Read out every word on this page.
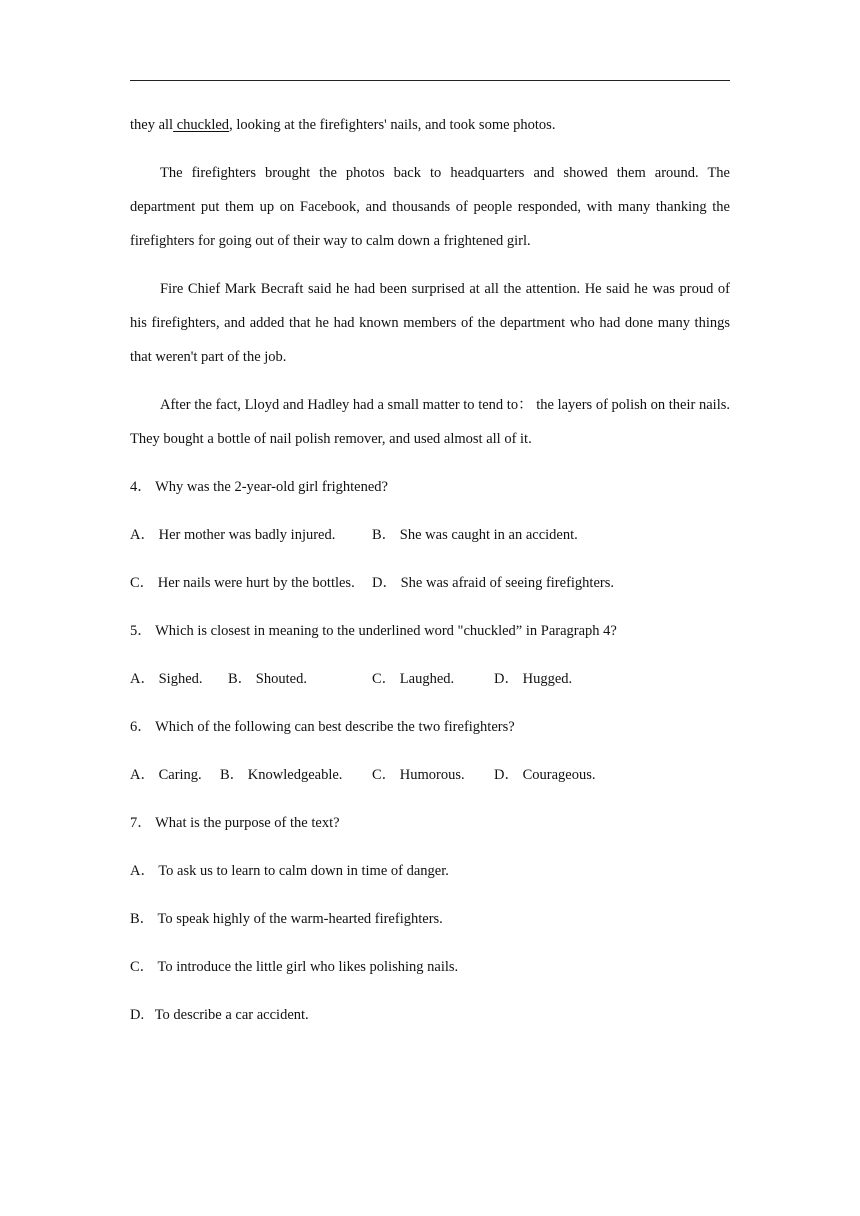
they all chuckled, looking at the firefighters' nails, and took some photos.

The firefighters brought the photos back to headquarters and showed them around. The department put them up on Facebook, and thousands of people responded, with many thanking the firefighters for going out of their way to calm down a frightened girl.

Fire Chief Mark Becraft said he had been surprised at all the attention. He said he was proud of his firefighters, and added that he had known members of the department who had done many things that weren't part of the job.

After the fact, Lloyd and Hadley had a small matter to tend to： the layers of polish on their nails. They bought a bottle of nail polish remover, and used almost all of it.

4． Why was the 2-year-old girl frightened?
A． Her mother was badly injured.	B． She was caught in an accident.
C． Her nails were hurt by the bottles. D． She was afraid of seeing firefighters.
5． Which is closest in meaning to the underlined word "chuckled” in Paragraph 4?
A． Sighed. B． Shouted.	C． Laughed.	D． Hugged.
6． Which of the following can best describe the two firefighters?
A． Caring. B． Knowledgeable. C． Humorous. D． Courageous.
7． What is the purpose of the text?
A． To ask us to learn to calm down in time of danger.
B． To speak highly of the warm-hearted firefighters.
C． To introduce the little girl who likes polishing nails.
D.   To describe a car accident.
